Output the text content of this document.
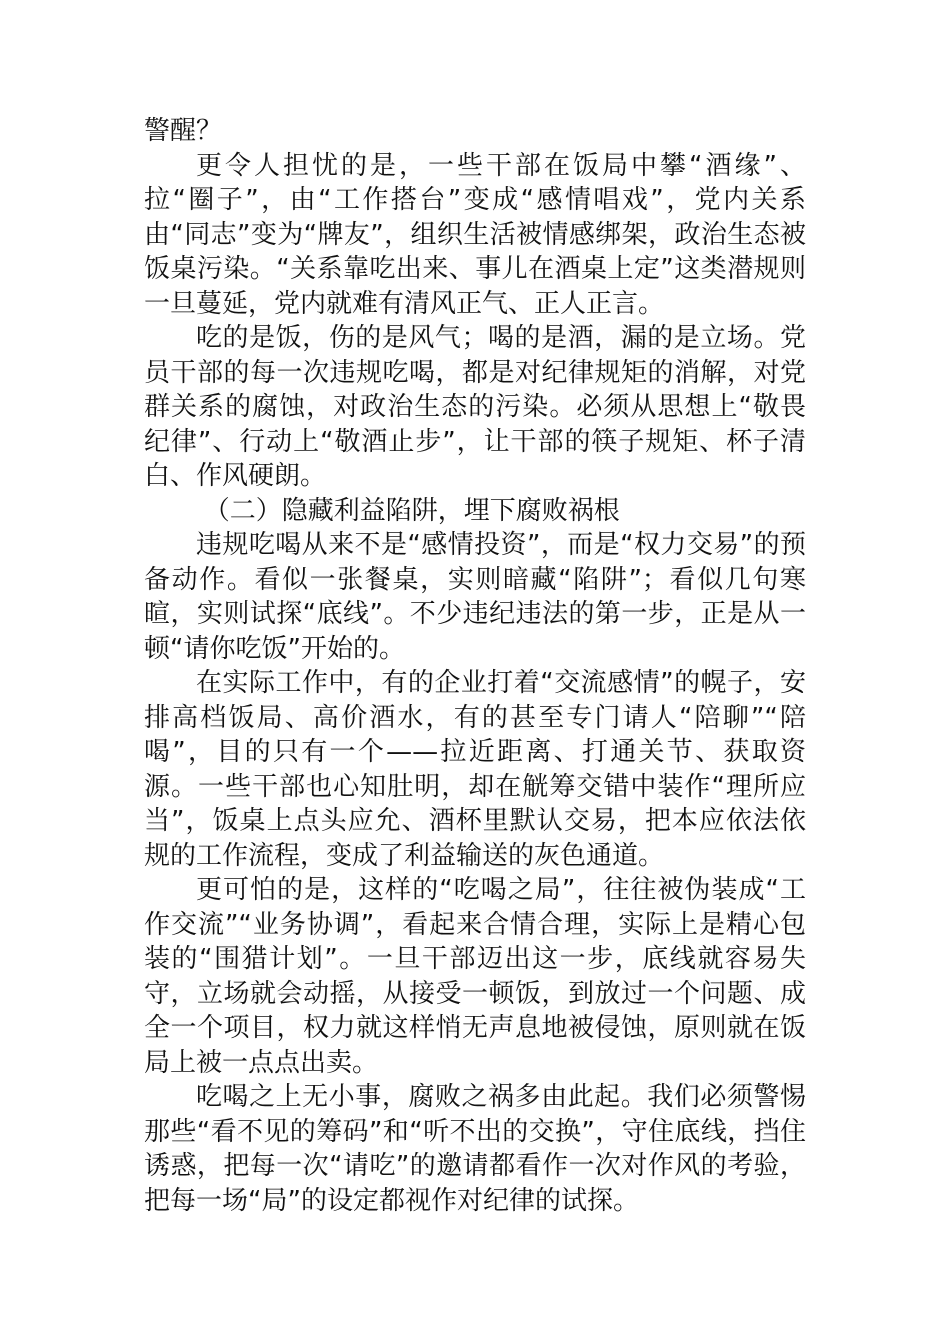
警醒？

更令人担忧的是，一些干部在饭局中攀“酒缘”、拉“圈子”，由“工作搭台”变成“感情唱戏”，党内关系由“同志”变为“牌友”，组织生活被情感绑架，政治生态被饭桌污染。“关系靠吃出来、事儿在酒桌上定”这类潜规则一旦蔓延，党内就难有清风正气、正人正言。

吃的是饭，伤的是风气；喝的是酒，漏的是立场。党员干部的每一次违规吃喝，都是对纪律规矩的消解，对党群关系的腐蚀，对政治生态的污染。必须从思想上“敬畏纪律”、行动上“敬酒止步”，让干部的筷子规矩、杯子清白、作风硬朗。

（二）隐藏利益陷阱，埋下腐败祸根

违规吃喝从来不是“感情投资”，而是“权力交易”的预备动作。看似一张餐桌，实则暗藏“陷阱”；看似几句寒暄，实则试探“底线”。不少违纪违法的第一步，正是从一顿“请你吃饭”开始的。

在实际工作中，有的企业打着“交流感情”的幌子，安排高档饭局、高价酒水，有的甚至专门请人“陪聊”“陪喝”，目的只有一个——拉近距离、打通关节、获取资源。一些干部也心知肚明，却在觥筹交错中装作“理所应当”，饭桌上点头应允、酒杯里默认交易，把本应依法依规的工作流程，变成了利益输送的灰色通道。

更可怕的是，这样的“吃喝之局”，往往被伪装成“工作交流”“业务协调”，看起来合情合理，实际上是精心包装的“围猎计划”。一旦干部迈出这一步，底线就容易失守，立场就会动摇，从接受一顿饭，到放过一个问题、成全一个项目，权力就这样悄无声息地被侵蚀，原则就在饭局上被一点点出卖。

吃喝之上无小事，腐败之祸多由此起。我们必须警惕那些“看不见的筹码”和“听不出的交换”，守住底线，挡住诱惑，把每一次“请吃”的邀请都看作一次对作风的考验，把每一场“局”的设定都视作对纪律的试探。
